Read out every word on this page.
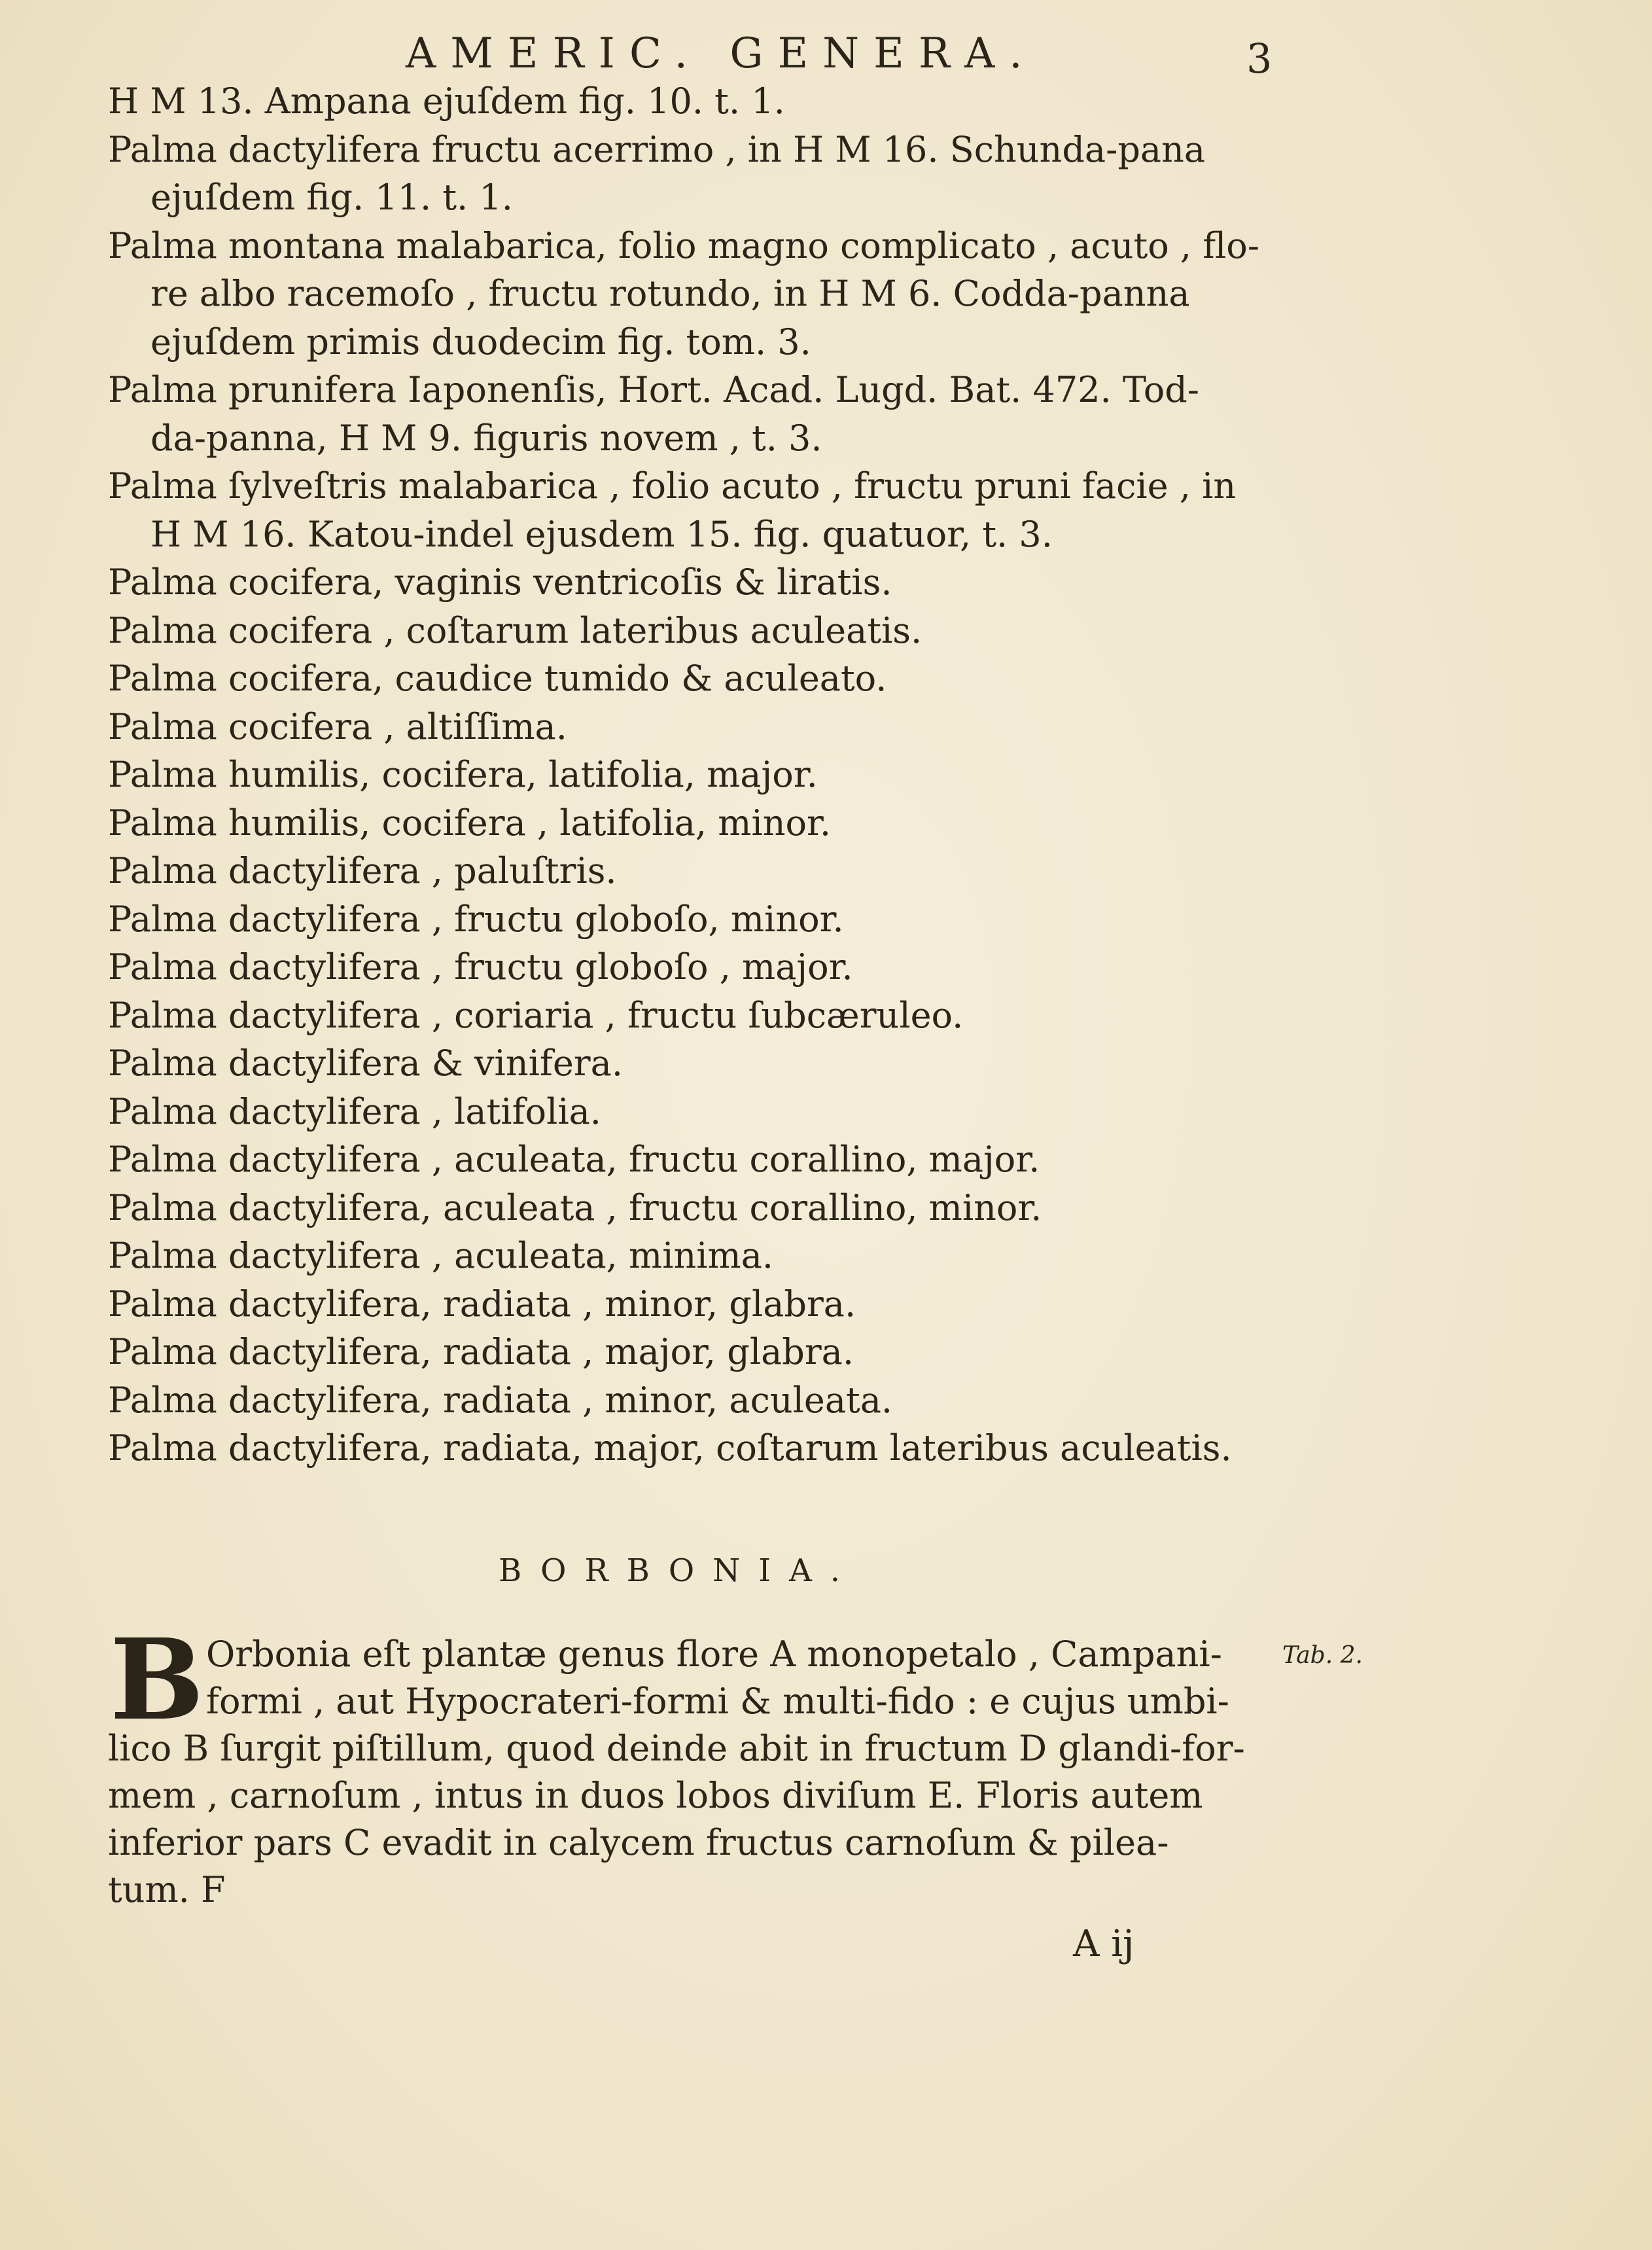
AMERIC. GENERA.	3
H M 13. Ampana ejuſdem fig. 10. t. 1.
Palma dactylifera fructu acerrimo , in H M 16. Schunda-pana
ejuſdem fig. 11. t. 1.
Palma montana malabarica, folio magno complicato , acuto , flo-
re albo racemoſo , fructu rotundo, in H M 6. Codda-panna
ejuſdem primis duodecim fig. tom. 3.
Palma prunifera Iaponenſis, Hort. Acad. Lugd. Bat. 472. Tod-
da-panna, H M 9. figuris novem , t. 3.
Palma ſylveſtris malabarica , folio acuto , fructu pruni facie , in
H M 16. Katou-indel ejusdem 15. fig. quatuor, t. 3.
Palma cocifera, vaginis ventricoſis & liratis.
Palma cocifera , coſtarum lateribus aculeatis.
Palma cocifera, caudice tumido & aculeato.
Palma cocifera , altiſſima.
Palma humilis, cocifera, latifolia, major.
Palma humilis, cocifera , latifolia, minor.
Palma dactylifera , paluſtris.
Palma dactylifera , fructu globoſo, minor.
Palma dactylifera , fructu globoſo , major.
Palma dactylifera , coriaria , fructu ſubcæruleo.
Palma dactylifera & vinifera.
Palma dactylifera , latifolia.
Palma dactylifera , aculeata, fructu corallino, major.
Palma dactylifera, aculeata , fructu corallino, minor.
Palma dactylifera , aculeata, minima.
Palma dactylifera, radiata , minor, glabra.
Palma dactylifera, radiata , major, glabra.
Palma dactylifera, radiata , minor, aculeata.
Palma dactylifera, radiata, major, coſtarum lateribus aculeatis.
BORBONIA.
B Orbonia eſt plantæ genus flore A monopetalo , Campani-
formi , aut Hypocrateri-formi & multi-fido : e cujus umbi-
lico B ſurgit piſtillum, quod deinde abit in fructum D glandi-for-
mem , carnoſum , intus in duos lobos diviſum E. Floris autem
inferior pars C evadit in calycem fructus carnoſum & pilea-
tum. F
Tab. 2.
A ij
